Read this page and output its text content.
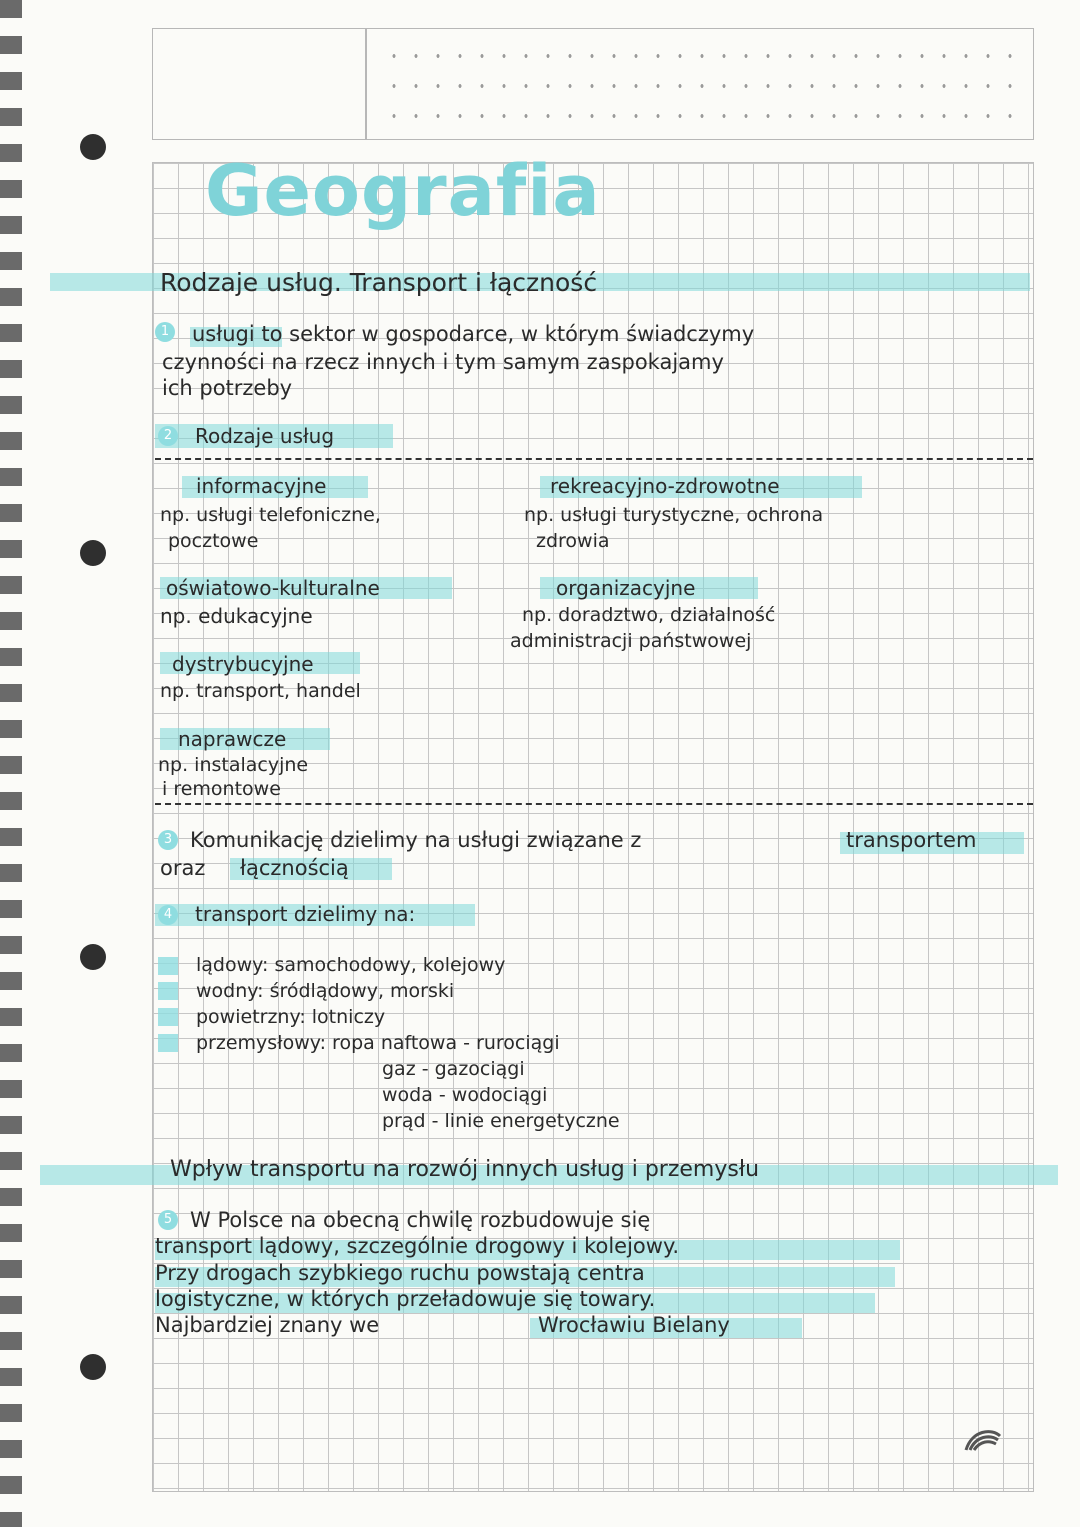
Geografia
Rodzaje usług. Transport i łączność
1 usługi to sektor w gospodarce, w którym świadczymy
czynności na rzecz innych i tym samym zaspokajamy
ich potrzeby
2 Rodzaje usług
informacyjne
np. usługi telefoniczne,
pocztowe
oświatowo-kulturalne
np. edukacyjne
dystrybucyjne
np. transport, handel
naprawcze
np. instalacyjne
i remontowe
rekreacyjno-zdrowotne
np. usługi turystyczne, ochrona
zdrowia
organizacyjne
np. doradztwo, działalność
administracji państwowej
3 Komunikację dzielimy na usługi związane z	transportem
oraz łącznością
4 transport dzielimy na:
lądowy: samochodowy, kolejowy
wodny: śródlądowy, morski
powietrzny: lotniczy
przemysłowy: ropa naftowa - rurociągi
gaz - gazociągi
woda - wodociągi
prąd - linie energetyczne
Wpływ transportu na rozwój innych usług i przemysłu
5 W Polsce na obecną chwilę rozbudowuje się
transport lądowy, szczególnie drogowy i kolejowy.
Przy drogach szybkiego ruchu powstają centra
logistyczne, w których przeładowuje się towary.
Najbardziej znany we	Wrocławiu Bielany
